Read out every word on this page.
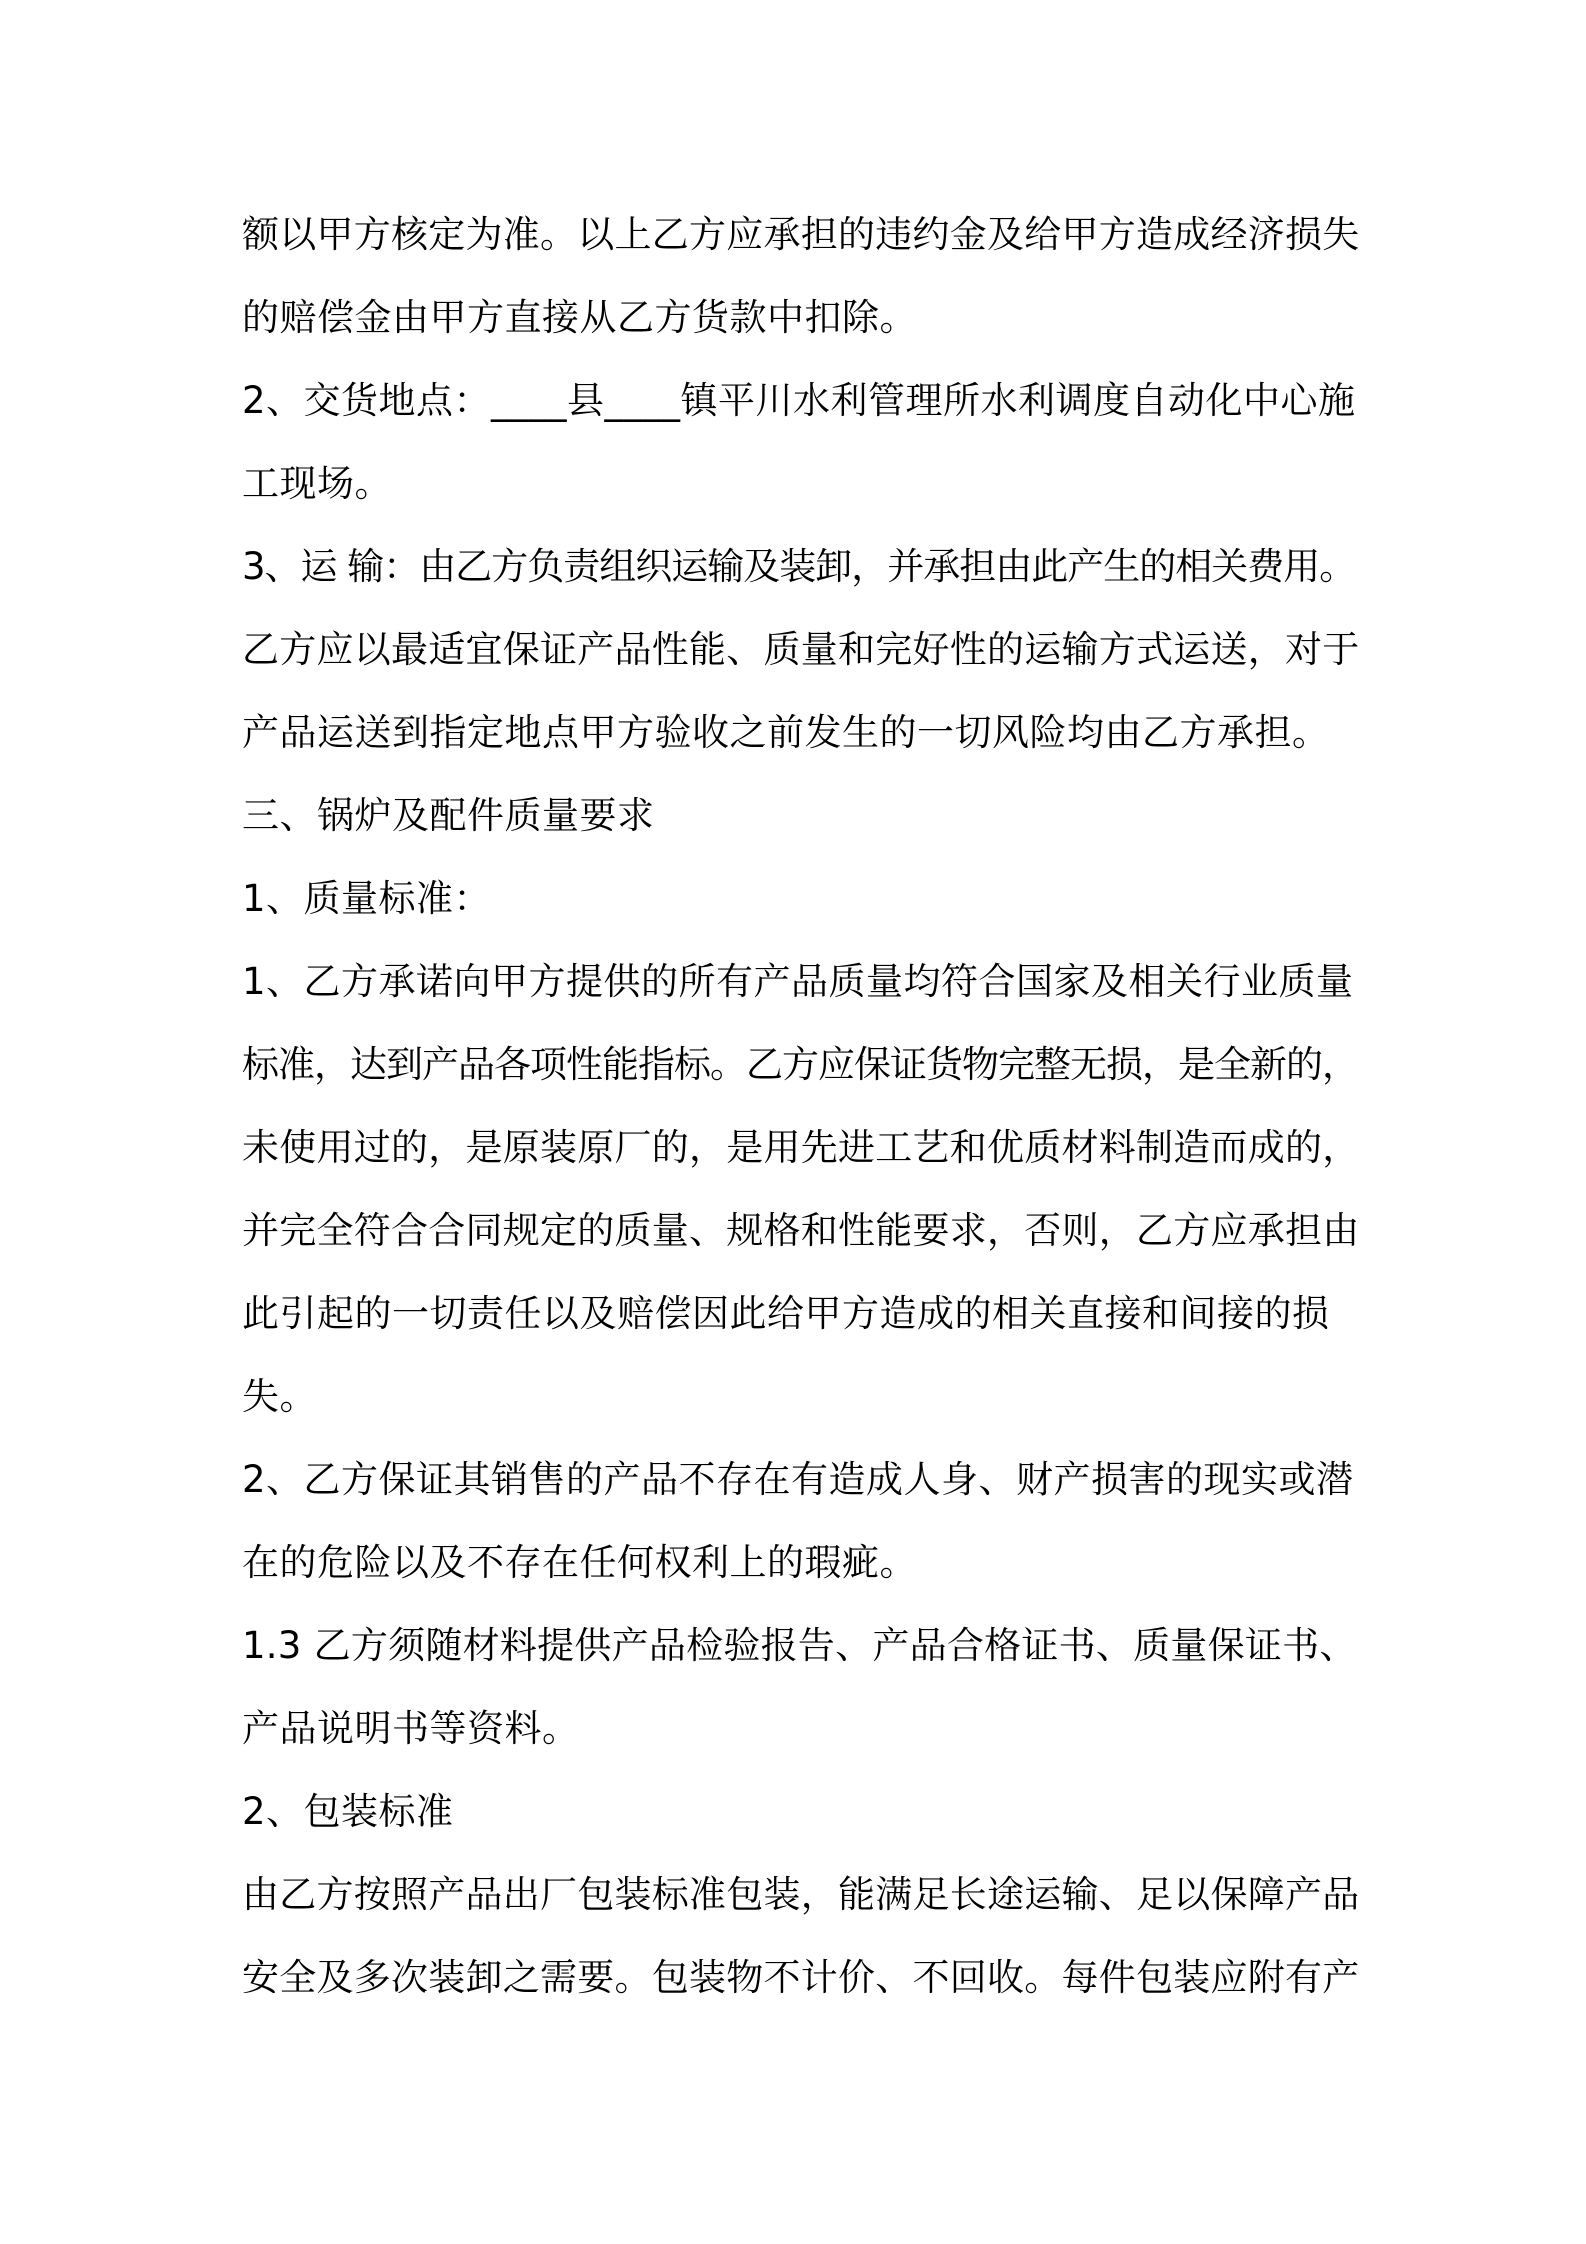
额以甲方核定为准。以上乙方应承担的违约金及给甲方造成经济损失
的赔偿金由甲方直接从乙方货款中扣除。
2、交货地点：____县____镇平川水利管理所水利调度自动化中心施
工现场。
3、运 输：由乙方负责组织运输及装卸，并承担由此产生的相关费用。
乙方应以最适宜保证产品性能、质量和完好性的运输方式运送，对于
产品运送到指定地点甲方验收之前发生的一切风险均由乙方承担。
三、锅炉及配件质量要求
1、质量标准：
1、乙方承诺向甲方提供的所有产品质量均符合国家及相关行业质量
标准，达到产品各项性能指标。乙方应保证货物完整无损，是全新的，
未使用过的，是原装原厂的，是用先进工艺和优质材料制造而成的，
并完全符合合同规定的质量、规格和性能要求，否则，乙方应承担由
此引起的一切责任以及赔偿因此给甲方造成的相关直接和间接的损
失。
2、乙方保证其销售的产品不存在有造成人身、财产损害的现实或潜
在的危险以及不存在任何权利上的瑕疵。
1.3 乙方须随材料提供产品检验报告、产品合格证书、质量保证书、
产品说明书等资料。
2、包装标准
由乙方按照产品出厂包装标准包装，能满足长途运输、足以保障产品
安全及多次装卸之需要。包装物不计价、不回收。每件包装应附有产
